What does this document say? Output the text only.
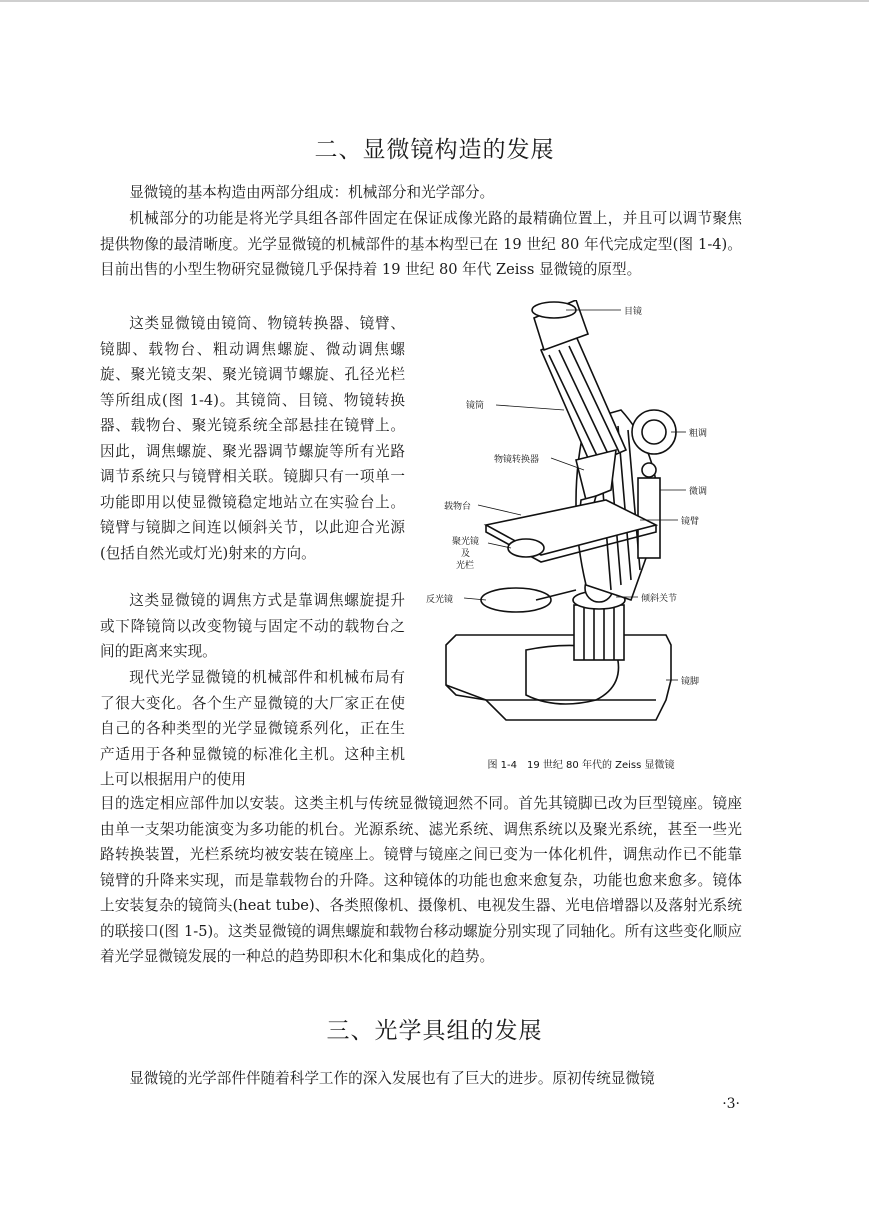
二、显微镜构造的发展

显微镜的基本构造由两部分组成：机械部分和光学部分。

机械部分的功能是将光学具组各部件固定在保证成像光路的最精确位置上，并且可以调节聚焦提供物像的最清晰度。光学显微镜的机械部件的基本构型已在 19 世纪 80 年代完成定型(图 1-4)。目前出售的小型生物研究显微镜几乎保持着 19 世纪 80 年代 Zeiss 显微镜的原型。

这类显微镜由镜筒、物镜转换器、镜臂、镜脚、载物台、粗动调焦螺旋、微动调焦螺旋、聚光镜支架、聚光镜调节螺旋、孔径光栏等所组成(图 1-4)。其镜筒、目镜、物镜转换器、载物台、聚光镜系统全部悬挂在镜臂上。因此，调焦螺旋、聚光器调节螺旋等所有光路调节系统只与镜臂相关联。镜脚只有一项单一功能即用以使显微镜稳定地站立在实验台上。镜臂与镜脚之间连以倾斜关节，以此迎合光源(包括自然光或灯光)射来的方向。

这类显微镜的调焦方式是靠调焦螺旋提升或下降镜筒以改变物镜与固定不动的载物台之间的距离来实现。

现代光学显微镜的机械部件和机械布局有了很大变化。各个生产显微镜的大厂家正在使自己的各种类型的光学显微镜系列化，正在生产适用于各种显微镜的标准化主机。这种主机上可以根据用户的使用

目镜
镜筒
粗调
物镜转换器
微调
载物台
镜臂
聚光镜
及
光栏
反光镜	倾斜关节
镜脚
图 1-4　19 世纪 80 年代的 Zeiss 显微镜

目的选定相应部件加以安装。这类主机与传统显微镜迥然不同。首先其镜脚已改为巨型镜座。镜座由单一支架功能演变为多功能的机台。光源系统、滤光系统、调焦系统以及聚光系统，甚至一些光路转换装置，光栏系统均被安装在镜座上。镜臂与镜座之间已变为一体化机件，调焦动作已不能靠镜臂的升降来实现，而是靠载物台的升降。这种镜体的功能也愈来愈复杂，功能也愈来愈多。镜体上安装复杂的镜筒头(heat tube)、各类照像机、摄像机、电视发生器、光电倍增器以及落射光系统的联接口(图 1-5)。这类显微镜的调焦螺旋和载物台移动螺旋分别实现了同轴化。所有这些变化顺应着光学显微镜发展的一种总的趋势即积木化和集成化的趋势。

三、光学具组的发展

显微镜的光学部件伴随着科学工作的深入发展也有了巨大的进步。原初传统显微镜

·3·
